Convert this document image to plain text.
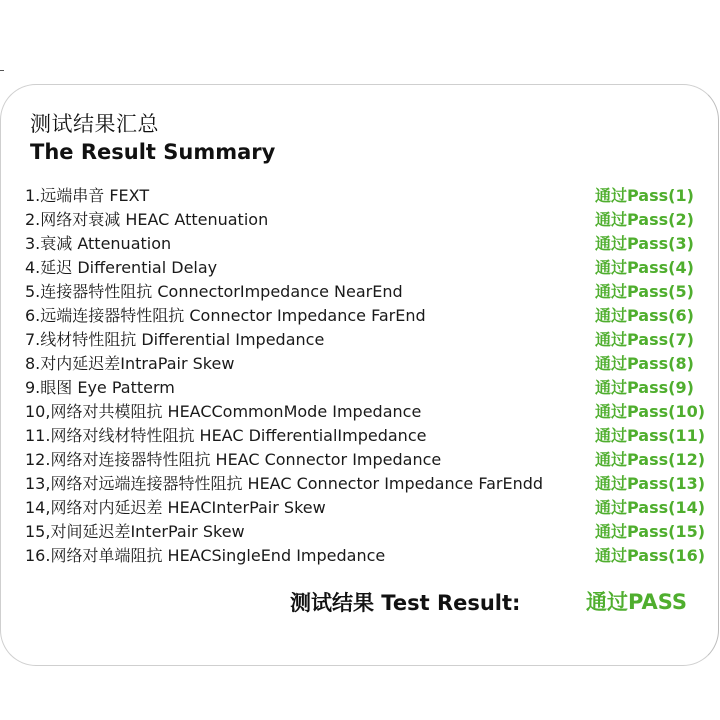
测试结果汇总
The Result Summary
1.远端串音 FEXT	通过Pass(1)
2.网络对衰减 HEAC Attenuation	通过Pass(2)
3.衰减 Attenuation	通过Pass(3)
4.延迟 Differential Delay	通过Pass(4)
5.连接器特性阻抗 ConnectorImpedance NearEnd	通过Pass(5)
6.远端连接器特性阻抗 Connector Impedance FarEnd	通过Pass(6)
7.线材特性阻抗 Differential Impedance	通过Pass(7)
8.对内延迟差IntraPair Skew	通过Pass(8)
9.眼图 Eye Patterm	通过Pass(9)
10,网络对共模阻抗 HEACCommonMode Impedance	通过Pass(10)
11.网络对线材特性阻抗 HEAC DifferentialImpedance	通过Pass(11)
12.网络对连接器特性阻抗 HEAC Connector Impedance	通过Pass(12)
13,网络对远端连接器特性阻抗 HEAC Connector Impedance FarEndd	通过Pass(13)
14,网络对内延迟差 HEACInterPair Skew	通过Pass(14)
15,对间延迟差InterPair Skew	通过Pass(15)
16.网络对单端阻抗 HEACSingleEnd Impedance	通过Pass(16)
测试结果 Test Result:	通过PASS
